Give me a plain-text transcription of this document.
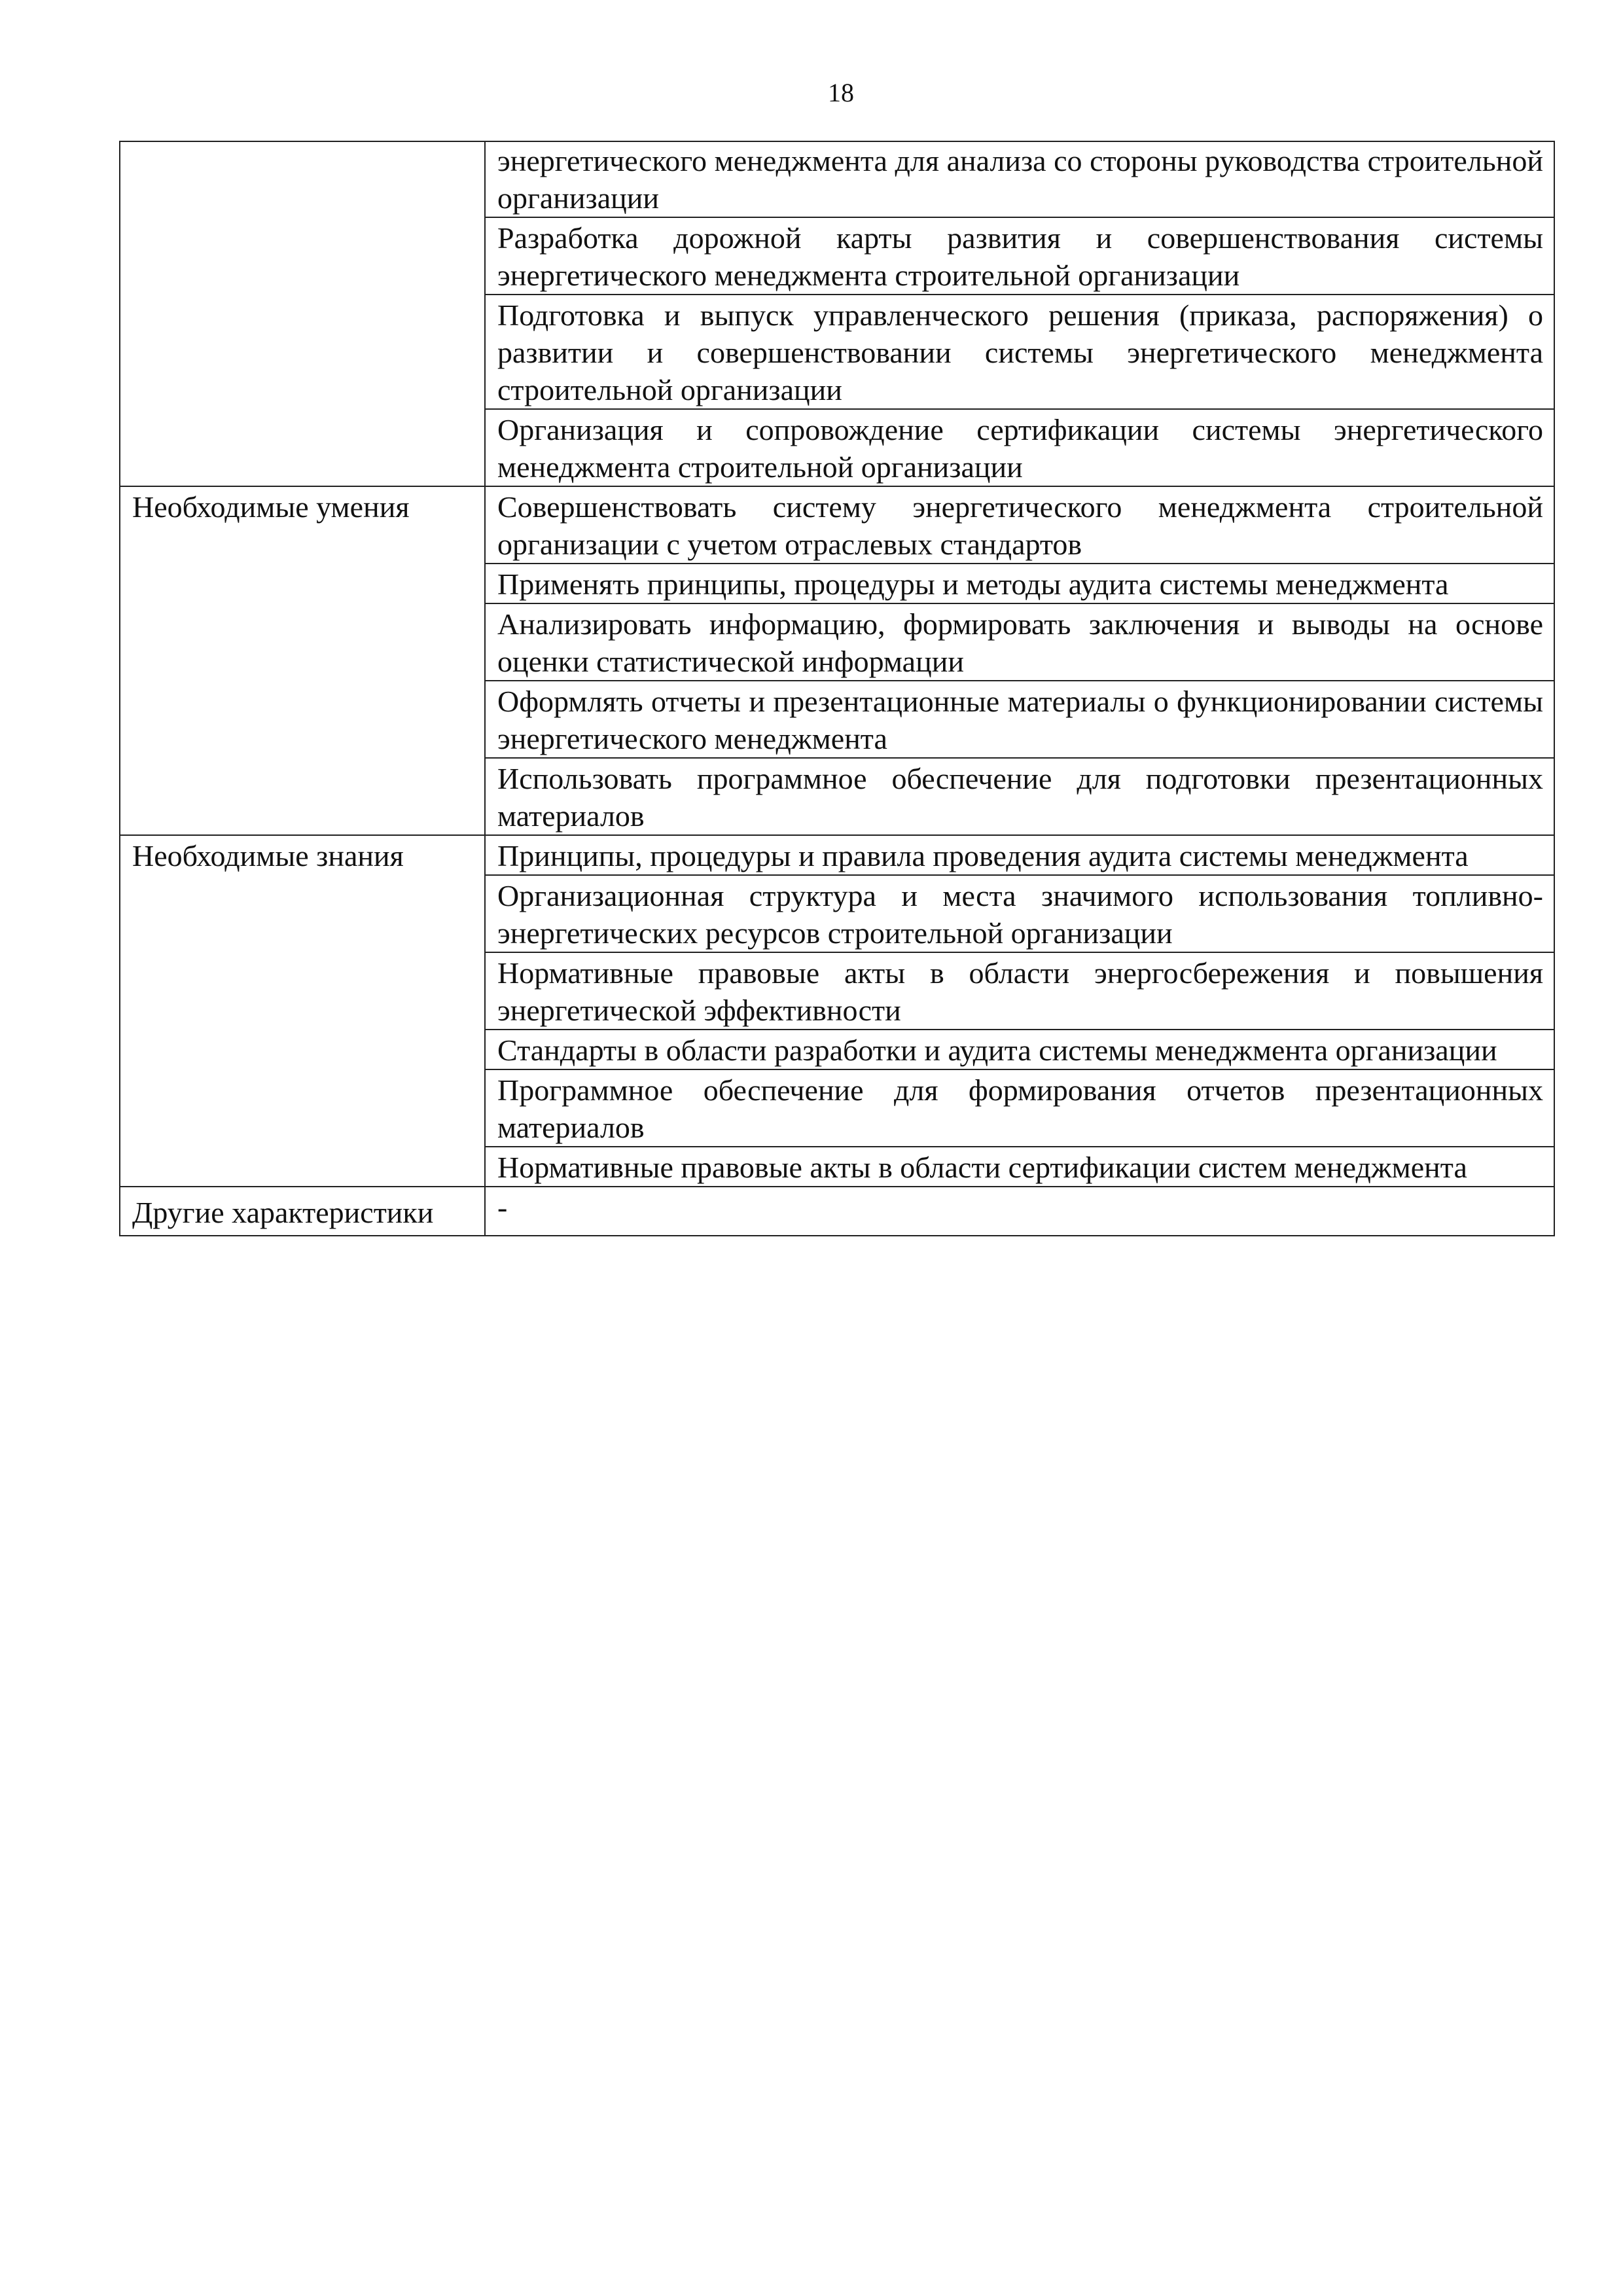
18
	энергетического менеджмента для анализа со стороны руководства строительной организации
	Разработка дорожной карты развития и совершенствования системы энергетического менеджмента строительной организации
	Подготовка и выпуск управленческого решения (приказа, распоряжения) о развитии и совершенствовании системы энергетического менеджмента строительной организации
	Организация и сопровождение сертификации системы энергетического менеджмента строительной организации
Необходимые умения	Совершенствовать систему энергетического менеджмента строительной организации с учетом отраслевых стандартов
	Применять принципы, процедуры и методы аудита системы менеджмента
	Анализировать информацию, формировать заключения и выводы на основе оценки статистической информации
	Оформлять отчеты и презентационные материалы о функционировании системы энергетического менеджмента
	Использовать программное обеспечение для подготовки презентационных материалов
Необходимые знания	Принципы, процедуры и правила проведения аудита системы менеджмента
	Организационная структура и места значимого использования топливно-энергетических ресурсов строительной организации
	Нормативные правовые акты в области энергосбережения и повышения энергетической эффективности
	Стандарты в области разработки и аудита системы менеджмента организации
	Программное обеспечение для формирования отчетов презентационных материалов
	Нормативные правовые акты в области сертификации систем менеджмента
Другие характеристики	-
